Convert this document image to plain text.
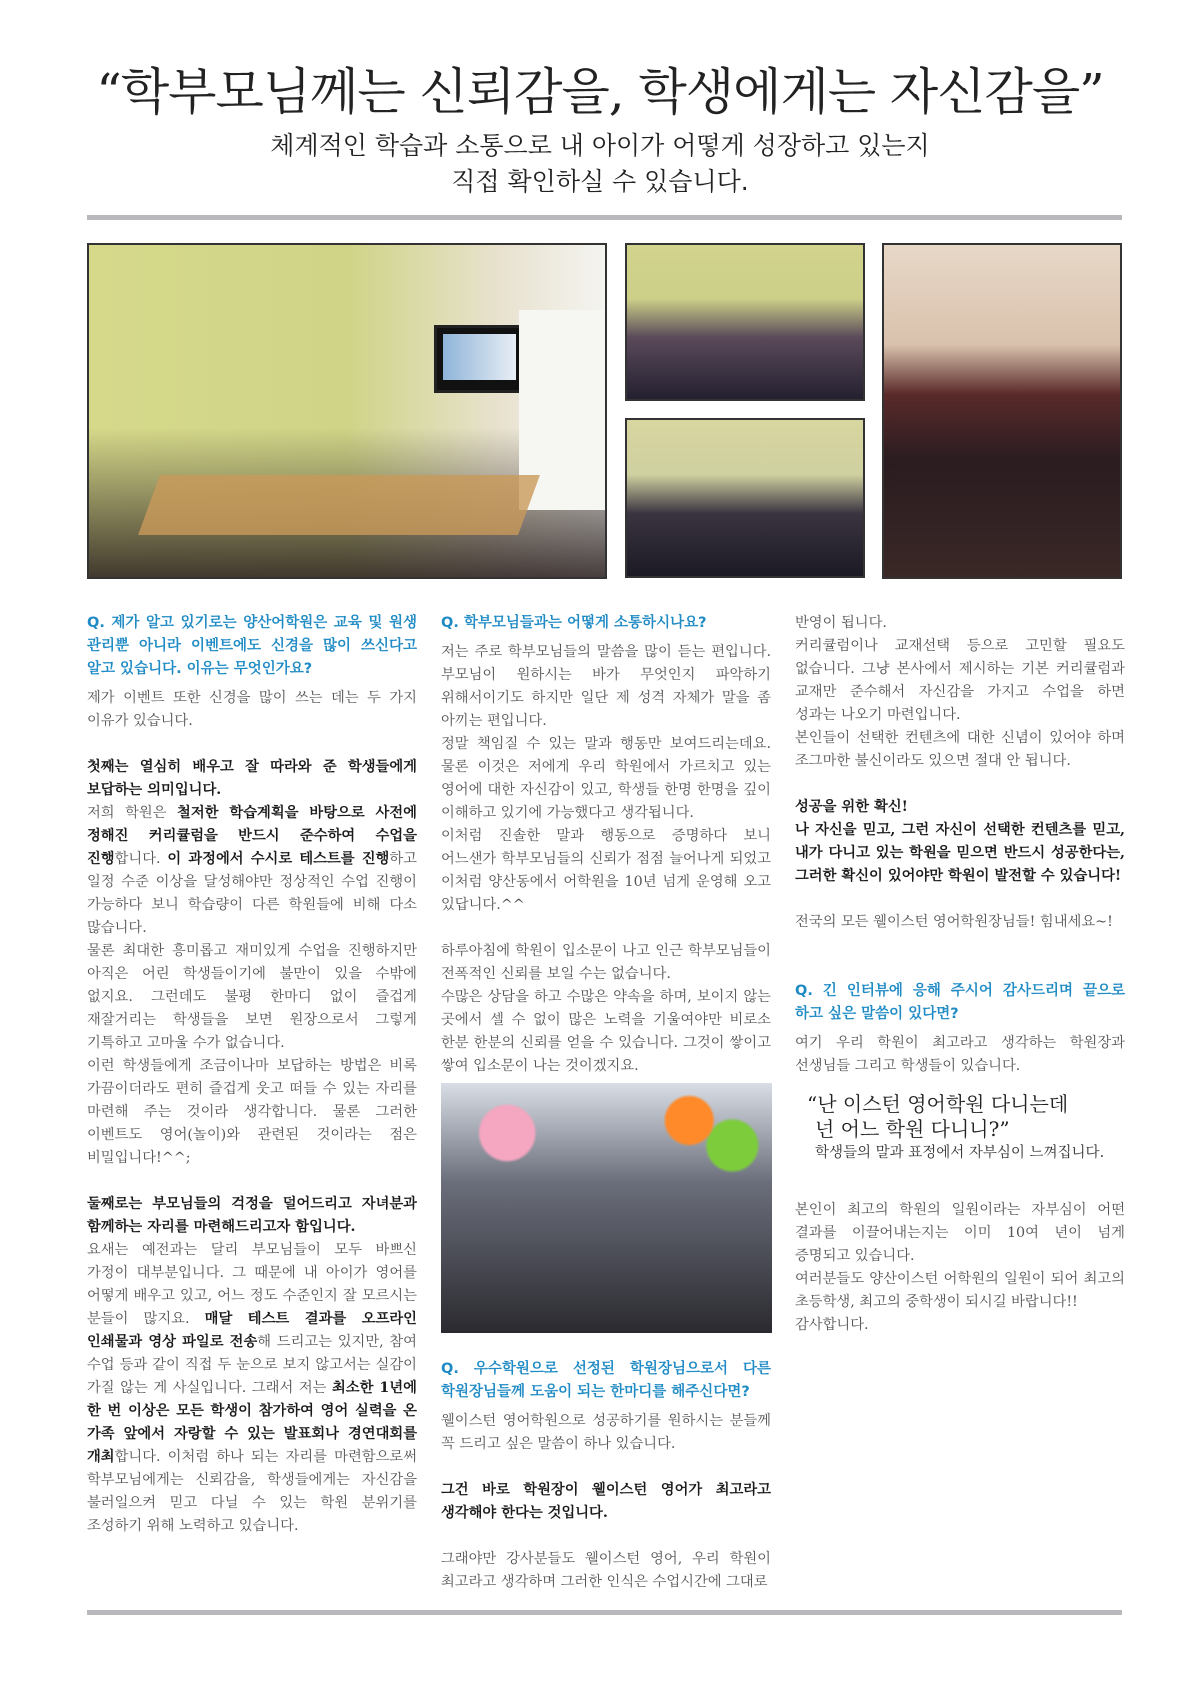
“학부모님께는 신뢰감을, 학생에게는 자신감을”
체계적인 학습과 소통으로 내 아이가 어떻게 성장하고 있는지
직접 확인하실 수 있습니다.
Q. 제가 알고 있기로는 양산어학원은 교육 및 원생 관리뿐 아니라 이벤트에도 신경을 많이 쓰신다고 알고 있습니다. 이유는 무엇인가요?

제가 이벤트 또한 신경을 많이 쓰는 데는 두 가지 이유가 있습니다.

첫째는 열심히 배우고 잘 따라와 준 학생들에게 보답하는 의미입니다.

저희 학원은 철저한 학습계획을 바탕으로 사전에 정해진 커리큘럼을 반드시 준수하여 수업을 진행합니다. 이 과정에서 수시로 테스트를 진행하고 일정 수준 이상을 달성해야만 정상적인 수업 진행이 가능하다 보니 학습량이 다른 학원들에 비해 다소 많습니다.

물론 최대한 흥미롭고 재미있게 수업을 진행하지만 아직은 어린 학생들이기에 불만이 있을 수밖에 없지요. 그런데도 불평 한마디 없이 즐겁게 재잘거리는 학생들을 보면 원장으로서 그렇게 기특하고 고마울 수가 없습니다.

이런 학생들에게 조금이나마 보답하는 방법은 비록 가끔이더라도 편히 즐겁게 웃고 떠들 수 있는 자리를 마련해 주는 것이라 생각합니다. 물론 그러한 이벤트도 영어(놀이)와 관련된 것이라는 점은 비밀입니다!^^;

둘째로는 부모님들의 걱정을 덜어드리고 자녀분과 함께하는 자리를 마련해드리고자 함입니다.

요새는 예전과는 달리 부모님들이 모두 바쁘신 가정이 대부분입니다. 그 때문에 내 아이가 영어를 어떻게 배우고 있고, 어느 정도 수준인지 잘 모르시는 분들이 많지요. 매달 테스트 결과를 오프라인 인쇄물과 영상 파일로 전송해 드리고는 있지만, 참여 수업 등과 같이 직접 두 눈으로 보지 않고서는 실감이 가질 않는 게 사실입니다. 그래서 저는 최소한 1년에 한 번 이상은 모든 학생이 참가하여 영어 실력을 온 가족 앞에서 자랑할 수 있는 발표회나 경연대회를 개최합니다. 이처럼 하나 되는 자리를 마련함으로써 학부모님에게는 신뢰감을, 학생들에게는 자신감을 불러일으켜 믿고 다닐 수 있는 학원 분위기를 조성하기 위해 노력하고 있습니다.

Q. 학부모님들과는 어떻게 소통하시나요?

저는 주로 학부모님들의 말씀을 많이 듣는 편입니다. 부모님이 원하시는 바가 무엇인지 파악하기 위해서이기도 하지만 일단 제 성격 자체가 말을 좀 아끼는 편입니다.

정말 책임질 수 있는 말과 행동만 보여드리는데요. 물론 이것은 저에게 우리 학원에서 가르치고 있는 영어에 대한 자신감이 있고, 학생들 한명 한명을 깊이 이해하고 있기에 가능했다고 생각됩니다.

이처럼 진솔한 말과 행동으로 증명하다 보니 어느샌가 학부모님들의 신뢰가 점점 늘어나게 되었고 이처럼 양산동에서 어학원을 10년 넘게 운영해 오고 있답니다.^^

하루아침에 학원이 입소문이 나고 인근 학부모님들이 전폭적인 신뢰를 보일 수는 없습니다.

수많은 상담을 하고 수많은 약속을 하며, 보이지 않는 곳에서 셀 수 없이 많은 노력을 기울여야만 비로소 한분 한분의 신뢰를 얻을 수 있습니다. 그것이 쌓이고 쌓여 입소문이 나는 것이겠지요.

Q. 우수학원으로 선정된 학원장님으로서 다른 학원장님들께 도움이 되는 한마디를 해주신다면?

웰이스턴 영어학원으로 성공하기를 원하시는 분들께 꼭 드리고 싶은 말씀이 하나 있습니다.

그건 바로 학원장이 웰이스턴 영어가 최고라고 생각해야 한다는 것입니다.

그래야만 강사분들도 웰이스턴 영어, 우리 학원이 최고라고 생각하며 그러한 인식은 수업시간에 그대로

반영이 됩니다.

커리큘럼이나 교재선택 등으로 고민할 필요도 없습니다. 그냥 본사에서 제시하는 기본 커리큘럼과 교재만 준수해서 자신감을 가지고 수업을 하면 성과는 나오기 마련입니다.

본인들이 선택한 컨텐츠에 대한 신념이 있어야 하며 조그마한 불신이라도 있으면 절대 안 됩니다.

성공을 위한 확신!

나 자신을 믿고, 그런 자신이 선택한 컨텐츠를 믿고, 내가 다니고 있는 학원을 믿으면 반드시 성공한다는, 그러한 확신이 있어야만 학원이 발전할 수 있습니다!

전국의 모든 웰이스턴 영어학원장님들! 힘내세요~!

Q. 긴 인터뷰에 응해 주시어 감사드리며 끝으로 하고 싶은 말씀이 있다면?

여기 우리 학원이 최고라고 생각하는 학원장과 선생님들 그리고 학생들이 있습니다.

“난 이스턴 영어학원 다니는데
넌 어느 학원 다니니?”
학생들의 말과 표정에서 자부심이 느껴집니다.

본인이 최고의 학원의 일원이라는 자부심이 어떤 결과를 이끌어내는지는 이미 10여 년이 넘게 증명되고 있습니다.

여러분들도 양산이스턴 어학원의 일원이 되어 최고의 초등학생, 최고의 중학생이 되시길 바랍니다!!

감사합니다.
